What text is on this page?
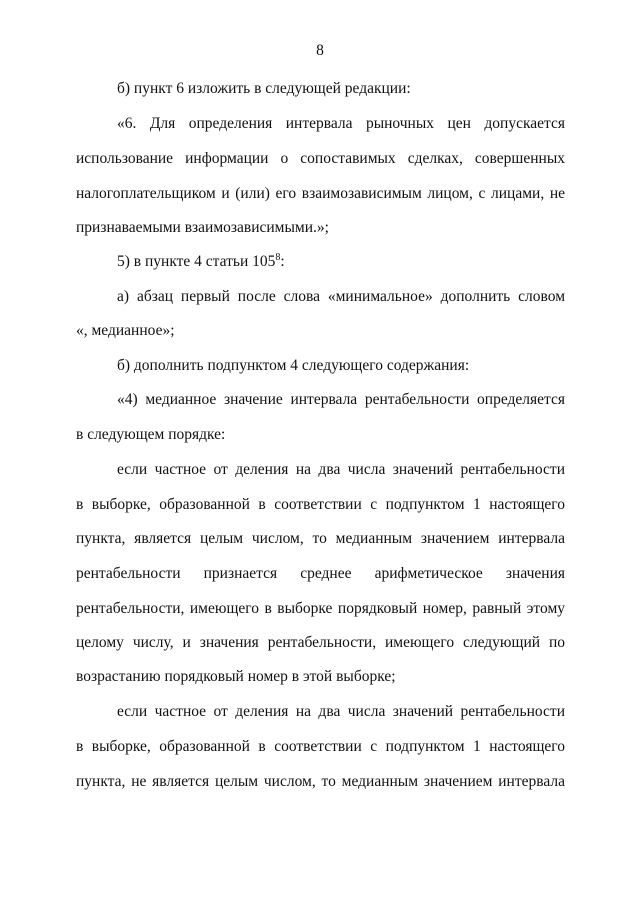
8
б) пункт 6 изложить в следующей редакции:
«6. Для определения интервала рыночных цен допускается
использование информации о сопоставимых сделках, совершенных
налогоплательщиком и (или) его взаимозависимым лицом, с лицами, не
признаваемыми взаимозависимыми.»;
5) в пункте 4 статьи $105^8$:
а) абзац первый после слова «минимальное» дополнить словом
«, медианное»;
б) дополнить подпунктом 4 следующего содержания:
«4) медианное значение интервала рентабельности определяется
в следующем порядке:
если частное от деления на два числа значений рентабельности
в выборке, образованной в соответствии с подпунктом 1 настоящего
пункта, является целым числом, то медианным значением интервала
рентабельности признается среднее арифметическое значения
рентабельности, имеющего в выборке порядковый номер, равный этому
целому числу, и значения рентабельности, имеющего следующий по
возрастанию порядковый номер в этой выборке;
если частное от деления на два числа значений рентабельности
в выборке, образованной в соответствии с подпунктом 1 настоящего
пункта, не является целым числом, то медианным значением интервала
